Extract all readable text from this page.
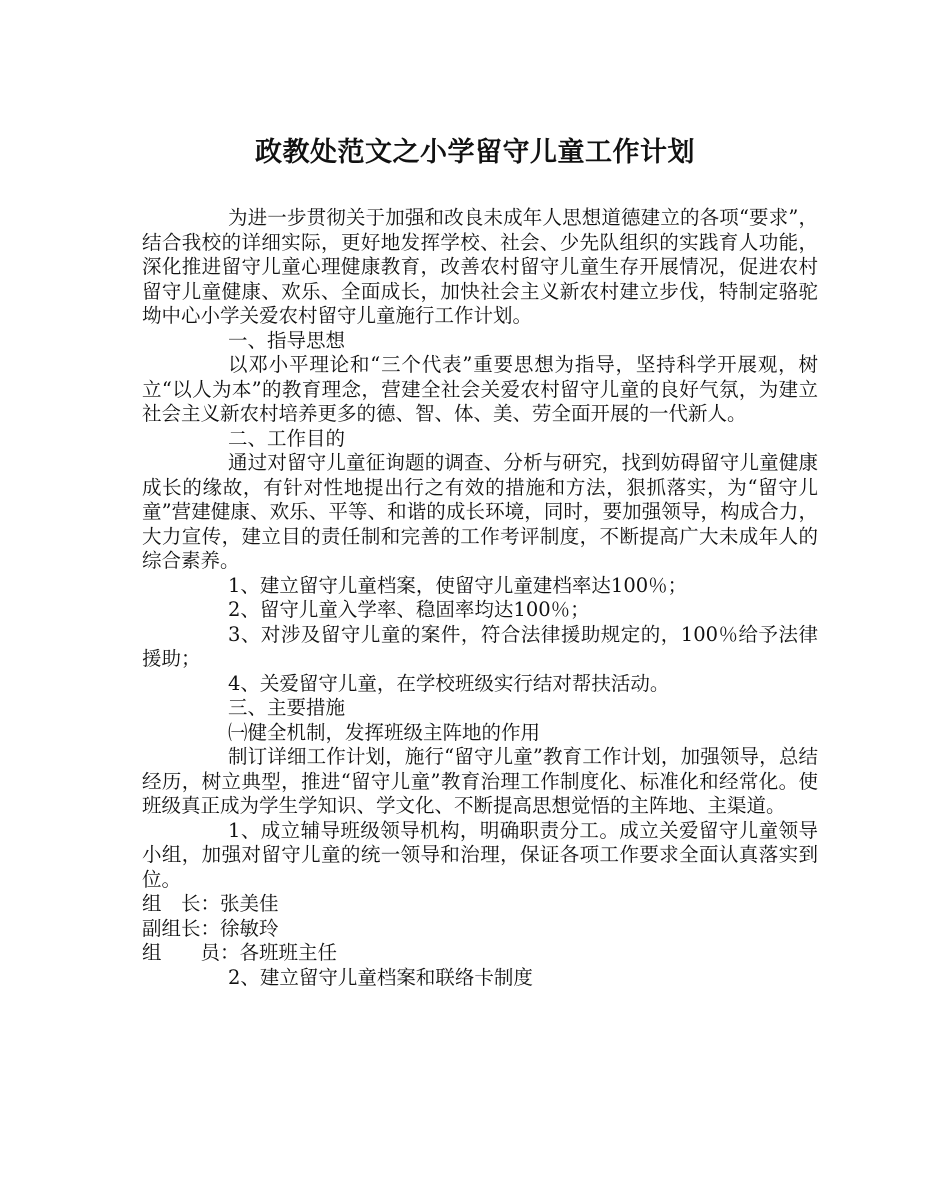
政教处范文之小学留守儿童工作计划

为进一步贯彻关于加强和改良未成年人思想道德建立的各项“要求”，结合我校的详细实际，更好地发挥学校、社会、少先队组织的实践育人功能，深化推进留守儿童心理健康教育，改善农村留守儿童生存开展情况，促进农村留守儿童健康、欢乐、全面成长，加快社会主义新农村建立步伐，特制定骆驼坳中心小学关爱农村留守儿童施行工作计划。

一、指导思想

以邓小平理论和“三个代表”重要思想为指导，坚持科学开展观，树立“以人为本”的教育理念，营建全社会关爱农村留守儿童的良好气氛，为建立社会主义新农村培养更多的德、智、体、美、劳全面开展的一代新人。

二、工作目的

通过对留守儿童征询题的调查、分析与研究，找到妨碍留守儿童健康成长的缘故，有针对性地提出行之有效的措施和方法，狠抓落实，为“留守儿童”营建健康、欢乐、平等、和谐的成长环境，同时，要加强领导，构成合力，大力宣传，建立目的责任制和完善的工作考评制度，不断提高广大未成年人的综合素养。

1、建立留守儿童档案，使留守儿童建档率达100％；

2、留守儿童入学率、稳固率均达100％；

3、对涉及留守儿童的案件，符合法律援助规定的，100％给予法律援助；

4、关爱留守儿童，在学校班级实行结对帮扶活动。

三、主要措施

㈠健全机制，发挥班级主阵地的作用

制订详细工作计划，施行“留守儿童”教育工作计划，加强领导，总结经历，树立典型，推进“留守儿童”教育治理工作制度化、标准化和经常化。使班级真正成为学生学知识、学文化、不断提高思想觉悟的主阵地、主渠道。

1、成立辅导班级领导机构，明确职责分工。成立关爱留守儿童领导小组，加强对留守儿童的统一领导和治理，保证各项工作要求全面认真落实到位。

组　长：张美佳

副组长：徐敏玲

组　　员：各班班主任

2、建立留守儿童档案和联络卡制度
